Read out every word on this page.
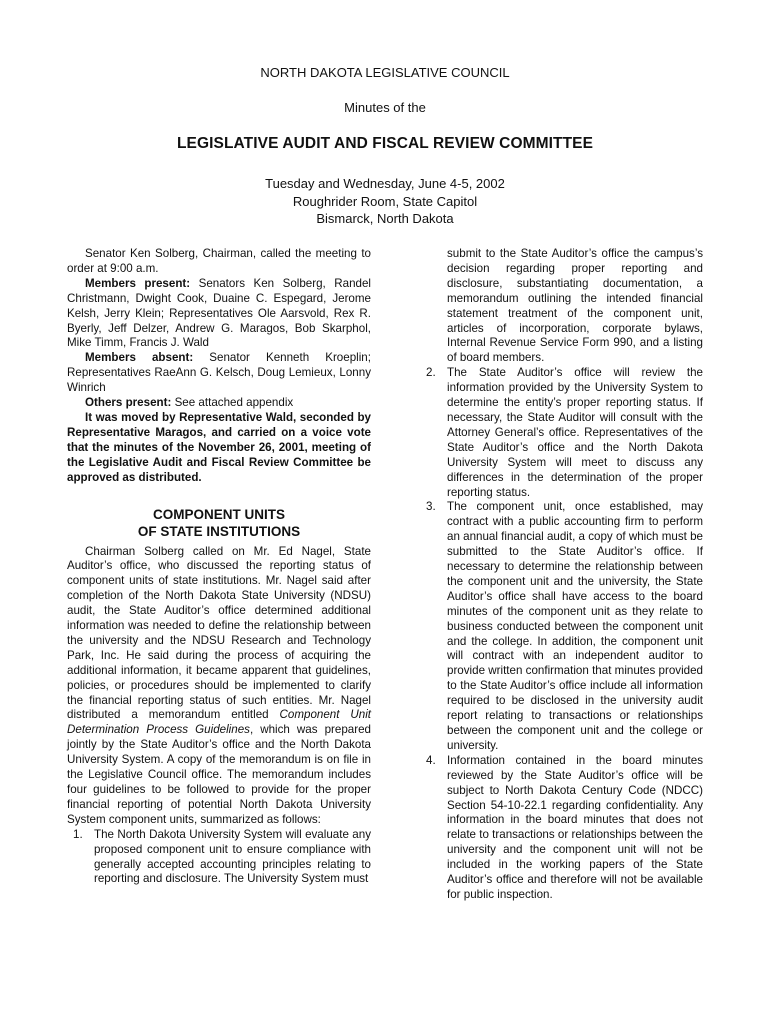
NORTH DAKOTA LEGISLATIVE COUNCIL
Minutes of the
LEGISLATIVE AUDIT AND FISCAL REVIEW COMMITTEE
Tuesday and Wednesday, June 4-5, 2002
Roughrider Room, State Capitol
Bismarck, North Dakota

Senator Ken Solberg, Chairman, called the meeting to order at 9:00 a.m.

Members present: Senators Ken Solberg, Randel Christmann, Dwight Cook, Duaine C. Espegard, Jerome Kelsh, Jerry Klein; Representatives Ole Aarsvold, Rex R. Byerly, Jeff Delzer, Andrew G. Maragos, Bob Skarphol, Mike Timm, Francis J. Wald

Members absent: Senator Kenneth Kroeplin; Representatives RaeAnn G. Kelsch, Doug Lemieux, Lonny Winrich

Others present: See attached appendix

It was moved by Representative Wald, seconded by Representative Maragos, and carried on a voice vote that the minutes of the November 26, 2001, meeting of the Legislative Audit and Fiscal Review Committee be approved as distributed.

COMPONENT UNITS
OF STATE INSTITUTIONS

Chairman Solberg called on Mr. Ed Nagel, State Auditor’s office, who discussed the reporting status of component units of state institutions. Mr. Nagel said after completion of the North Dakota State University (NDSU) audit, the State Auditor’s office determined additional information was needed to define the relationship between the university and the NDSU Research and Technology Park, Inc. He said during the process of acquiring the additional information, it became apparent that guidelines, policies, or procedures should be implemented to clarify the financial reporting status of such entities. Mr. Nagel distributed a memorandum entitled Component Unit Determination Process Guidelines, which was prepared jointly by the State Auditor’s office and the North Dakota University System. A copy of the memorandum is on file in the Legislative Council office. The memorandum includes four guidelines to be followed to provide for the proper financial reporting of potential North Dakota University System component units, summarized as follows:

1. The North Dakota University System will evaluate any proposed component unit to ensure compliance with generally accepted accounting principles relating to reporting and disclosure. The University System must

submit to the State Auditor’s office the campus’s decision regarding proper reporting and disclosure, substantiating documentation, a memorandum outlining the intended financial statement treatment of the component unit, articles of incorporation, corporate bylaws, Internal Revenue Service Form 990, and a listing of board members.

2. The State Auditor’s office will review the information provided by the University System to determine the entity’s proper reporting status. If necessary, the State Auditor will consult with the Attorney General’s office. Representatives of the State Auditor’s office and the North Dakota University System will meet to discuss any differences in the determination of the proper reporting status.
3. The component unit, once established, may contract with a public accounting firm to perform an annual financial audit, a copy of which must be submitted to the State Auditor’s office. If necessary to determine the relationship between the component unit and the university, the State Auditor’s office shall have access to the board minutes of the component unit as they relate to business conducted between the component unit and the college. In addition, the component unit will contract with an independent auditor to provide written confirmation that minutes provided to the State Auditor’s office include all information required to be disclosed in the university audit report relating to transactions or relationships between the component unit and the college or university.
4. Information contained in the board minutes reviewed by the State Auditor’s office will be subject to North Dakota Century Code (NDCC) Section 54-10-22.1 regarding confidentiality. Any information in the board minutes that does not relate to transactions or relationships between the university and the component unit will not be included in the working papers of the State Auditor’s office and therefore will not be available for public inspection.
